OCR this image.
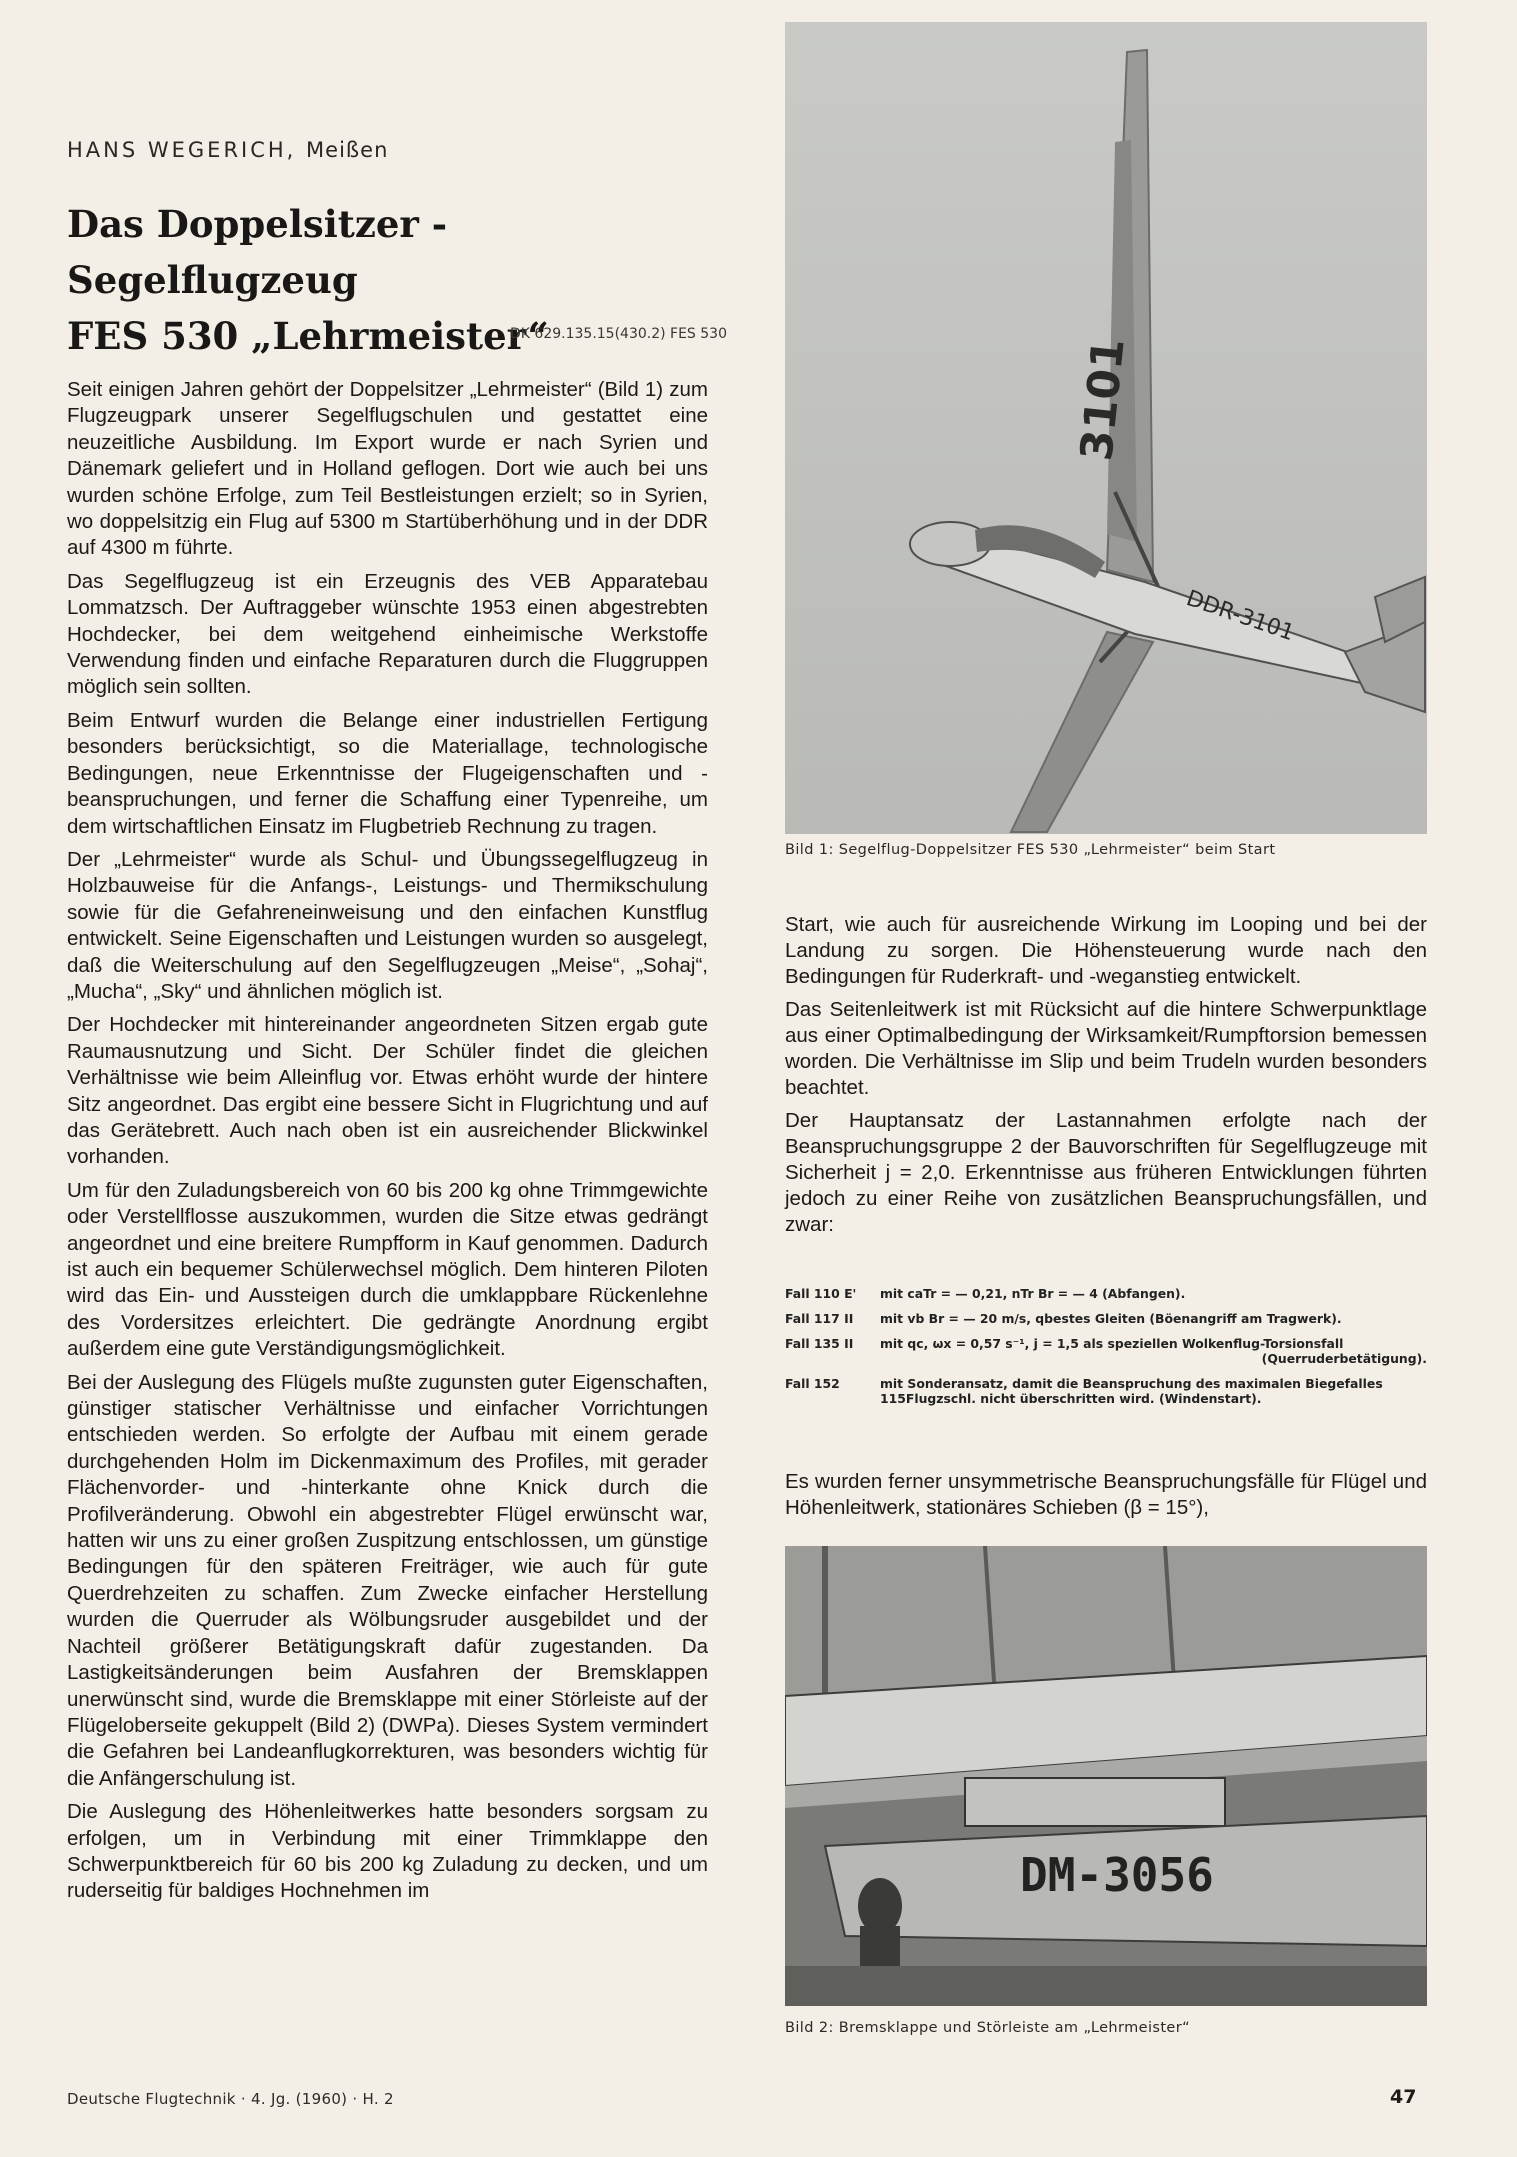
HANS WEGERICH, Meißen
Das Doppelsitzer - Segelflugzeug
FES 530 „Lehrmeister“
DK 629.135.15(430.2) FES 530

Seit einigen Jahren gehört der Doppelsitzer „Lehrmeister“ (Bild 1) zum Flugzeugpark unserer Segelflugschulen und gestattet eine neuzeitliche Ausbildung. Im Export wurde er nach Syrien und Dänemark geliefert und in Holland geflogen. Dort wie auch bei uns wurden schöne Erfolge, zum Teil Bestleistungen erzielt; so in Syrien, wo doppelsitzig ein Flug auf 5300 m Startüberhöhung und in der DDR auf 4300 m führte.

Das Segelflugzeug ist ein Erzeugnis des VEB Apparatebau Lommatzsch. Der Auftraggeber wünschte 1953 einen abgestrebten Hochdecker, bei dem weitgehend einheimische Werkstoffe Verwendung finden und einfache Reparaturen durch die Fluggruppen möglich sein sollten.

Beim Entwurf wurden die Belange einer industriellen Fertigung besonders berücksichtigt, so die Materiallage, technologische Bedingungen, neue Erkenntnisse der Flugeigenschaften und -beanspruchungen, und ferner die Schaffung einer Typenreihe, um dem wirtschaftlichen Einsatz im Flugbetrieb Rechnung zu tragen.

Der „Lehrmeister“ wurde als Schul- und Übungssegelflugzeug in Holzbauweise für die Anfangs-, Leistungs- und Thermikschulung sowie für die Gefahreneinweisung und den einfachen Kunstflug entwickelt. Seine Eigenschaften und Leistungen wurden so ausgelegt, daß die Weiterschulung auf den Segelflugzeugen „Meise“, „Sohaj“, „Mucha“, „Sky“ und ähnlichen möglich ist.

Der Hochdecker mit hintereinander angeordneten Sitzen ergab gute Raumausnutzung und Sicht. Der Schüler findet die gleichen Verhältnisse wie beim Alleinflug vor. Etwas erhöht wurde der hintere Sitz angeordnet. Das ergibt eine bessere Sicht in Flugrichtung und auf das Gerätebrett. Auch nach oben ist ein ausreichender Blickwinkel vorhanden.

Um für den Zuladungsbereich von 60 bis 200 kg ohne Trimmgewichte oder Verstellflosse auszukommen, wurden die Sitze etwas gedrängt angeordnet und eine breitere Rumpfform in Kauf genommen. Dadurch ist auch ein bequemer Schülerwechsel möglich. Dem hinteren Piloten wird das Ein- und Aussteigen durch die umklappbare Rückenlehne des Vordersitzes erleichtert. Die gedrängte Anordnung ergibt außerdem eine gute Verständigungsmöglichkeit.

Bei der Auslegung des Flügels mußte zugunsten guter Eigenschaften, günstiger statischer Verhältnisse und einfacher Vorrichtungen entschieden werden. So erfolgte der Aufbau mit einem gerade durchgehenden Holm im Dickenmaximum des Profiles, mit gerader Flächenvorder- und -hinterkante ohne Knick durch die Profilveränderung. Obwohl ein abgestrebter Flügel erwünscht war, hatten wir uns zu einer großen Zuspitzung entschlossen, um günstige Bedingungen für den späteren Freiträger, wie auch für gute Querdrehzeiten zu schaffen. Zum Zwecke einfacher Herstellung wurden die Querruder als Wölbungsruder ausgebildet und der Nachteil größerer Betätigungskraft dafür zugestanden. Da Lastigkeitsänderungen beim Ausfahren der Bremsklappen unerwünscht sind, wurde die Bremsklappe mit einer Störleiste auf der Flügeloberseite gekuppelt (Bild 2) (DWPa). Dieses System vermindert die Gefahren bei Landeanflugkorrekturen, was besonders wichtig für die Anfängerschulung ist.

Die Auslegung des Höhenleitwerkes hatte besonders sorgsam zu erfolgen, um in Verbindung mit einer Trimmklappe den Schwerpunktbereich für 60 bis 200 kg Zuladung zu decken, und um ruderseitig für baldiges Hochnehmen im

3101
DDR-3101
Bild 1: Segelflug-Doppelsitzer FES 530 „Lehrmeister“ beim Start

Start, wie auch für ausreichende Wirkung im Looping und bei der Landung zu sorgen. Die Höhensteuerung wurde nach den Bedingungen für Ruderkraft- und -weganstieg entwickelt.

Das Seitenleitwerk ist mit Rücksicht auf die hintere Schwerpunktlage aus einer Optimalbedingung der Wirksamkeit/Rumpftorsion bemessen worden. Die Verhältnisse im Slip und beim Trudeln wurden besonders beachtet.

Der Hauptansatz der Lastannahmen erfolgte nach der Beanspruchungsgruppe 2 der Bauvorschriften für Segelflugzeuge mit Sicherheit j = 2,0. Erkenntnisse aus früheren Entwicklungen führten jedoch zu einer Reihe von zusätzlichen Beanspruchungsfällen, und zwar:

Fall 110 E'	mit caTr = — 0,21, nTr Br = — 4 (Abfangen).
Fall 117 II	mit vb Br = — 20 m/s, qbestes Gleiten (Böenangriff am Tragwerk).
Fall 135 II	mit qc, ωx = 0,57 s⁻¹, j = 1,5 als speziellen Wolkenflug-Torsionsfall
(Querruderbetätigung).
Fall 152	mit Sonderansatz, damit die Beanspruchung des maximalen Biegefalles 115Flugzschl. nicht überschritten wird. (Windenstart).

Es wurden ferner unsymmetrische Beanspruchungsfälle für Flügel und Höhenleitwerk, stationäres Schieben (β = 15°),

DM-3056
Bild 2: Bremsklappe und Störleiste am „Lehrmeister“
Deutsche Flugtechnik · 4. Jg. (1960) · H. 2	47
